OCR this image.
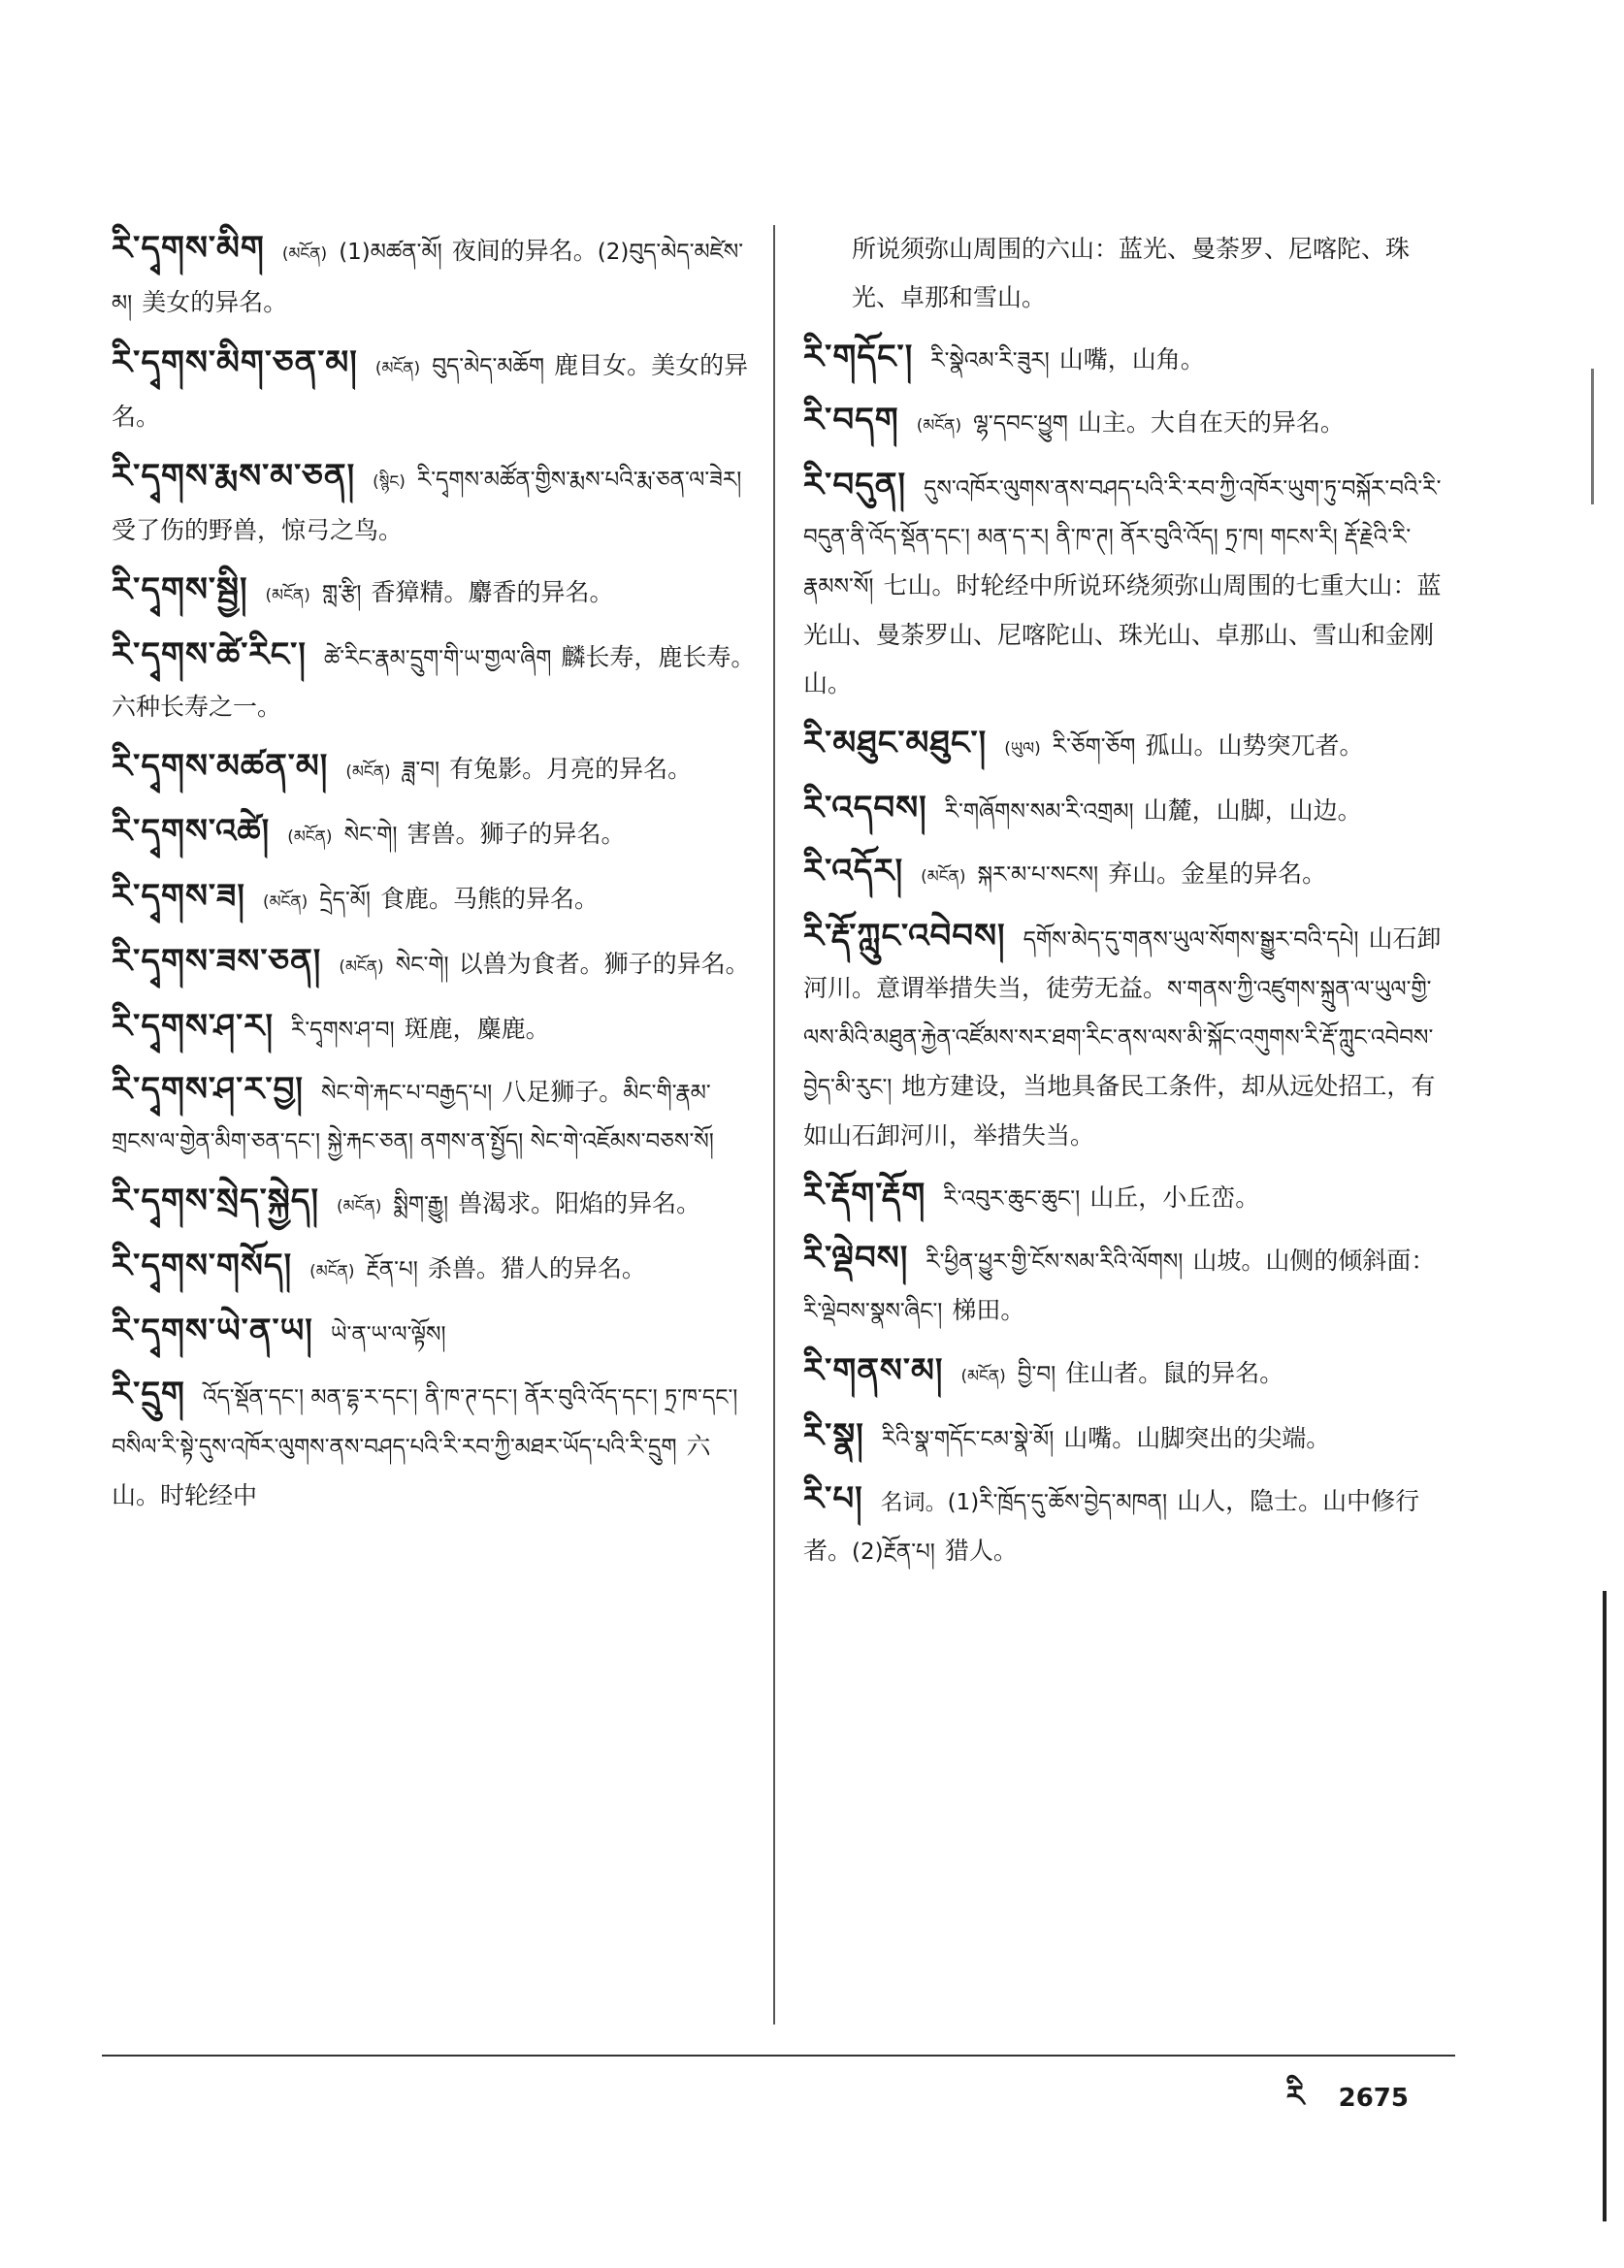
རི་དྭགས་མིག (མངོན) (1)མཚན་མོ། 夜间的异名。(2)བུད་མེད་མཛེས་མ། 美女的异名。

རི་དྭགས་མིག་ཅན་མ། (མངོན) བུད་མེད་མཆོག 鹿目女。美女的异名。

རི་དྭགས་རྨས་མ་ཅན། (སྙིང) རི་དྭགས་མཚོན་གྱིས་རྨས་པའི་རྨ་ཅན་ལ་ཟེར།受了伤的野兽，惊弓之鸟。

རི་དྭགས་སྦྱི། (མངོན) གླ་རྩི། 香獐精。麝香的异名。

རི་དྭགས་ཚེ་རིང་། ཚེ་རིང་རྣམ་དྲུག་གི་ཡ་གྱལ་ཞིག 麟长寿，鹿长寿。六种长寿之一。

རི་དྭགས་མཚན་མ། (མངོན) ཟླ་བ། 有兔影。月亮的异名。

རི་དྭགས་འཚེ། (མངོན) སེང་གེ། 害兽。狮子的异名。

རི་དྭགས་ཟ། (མངོན) དྲེད་མོ། 食鹿。马熊的异名。

རི་དྭགས་ཟས་ཅན། (མངོན) སེང་གེ། 以兽为食者。狮子的异名。

རི་དྭགས་ཤ་ར། རི་དྭགས་ཤ་བ། 斑鹿，麋鹿。

རི་དྭགས་ཤ་ར་བྱ། སེང་གེ་རྐང་པ་བརྒྱད་པ། 八足狮子。མིང་གི་རྣམ་གྲངས་ལ་གྱེན་མིག་ཅན་དང་། སྐྱེ་རྐང་ཅན། ནགས་ན་སྤྱོད། སེང་གེ་འཇོམས་བཅས་སོ།

རི་དྭགས་སྲེད་སྐྱེད། (མངོན) སྨིག་རྒྱུ། 兽渴求。阳焰的异名。

རི་དྭགས་གསོད། (མངོན) རྔོན་པ། 杀兽。猎人的异名。

རི་དྭགས་ཡེ་ན་ཡ། ཡེ་ན་ཡ་ལ་ལྟོས།

རི་དྲུག འོད་སྡོན་དང་། མན་དྷ་ར་དང་། ནི་ཁ་ཊ་དང་། ནོར་བུའི་འོད་དང་། ཏྲ་ཁ་དང་།བསིལ་རི་སྟེ་དུས་འཁོར་ལུགས་ནས་བཤད་པའི་རི་རབ་ཀྱི་མཐར་ཡོད་པའི་རི་དྲུག 六山。时轮经中

所说须弥山周围的六山：蓝光、曼荼罗、尼喀陀、珠光、卓那和雪山。

རི་གདོང་། རི་སྣེའམ་རི་ཟུར། 山嘴，山角。

རི་བདག (མངོན) ལྷ་དབང་ཕྱུག 山主。大自在天的异名。

རི་བདུན། དུས་འཁོར་ལུགས་ནས་བཤད་པའི་རི་རབ་ཀྱི་འཁོར་ཡུག་ཏུ་བསྐོར་བའི་རི་བདུན་ནི་འོད་སྡོན་དང་། མན་ད་ར། ནི་ཁ་ཊ། ནོར་བུའི་འོད། ཏྲ་ཁ། གངས་རི། རྡོ་རྗེའི་རི་རྣམས་སོ། 七山。时轮经中所说环绕须弥山周围的七重大山：蓝光山、曼荼罗山、尼喀陀山、珠光山、卓那山、雪山和金刚山。

རི་མཐུང་མཐུང་། (ཡུལ) རི་ཅོག་ཅོག 孤山。山势突兀者。

རི་འདབས། རི་གཞོགས་སམ་རི་འགྲམ། 山麓，山脚，山边。

རི་འདོར། (མངོན) སྐར་མ་པ་སངས། 弃山。金星的异名。

རི་རྡོ་ཀླུང་འབེབས། དགོས་མེད་དུ་གནས་ཡུལ་སོགས་སྒྱུར་བའི་དཔེ། 山石卸河川。意谓举措失当，徒劳无益。ས་གནས་ཀྱི་འཛུགས་སྐྲུན་ལ་ཡུལ་གྱི་ལས་མིའི་མཐུན་རྐྱེན་འཛོམས་སར་ཐག་རིང་ནས་ལས་མི་སྐོང་འགུགས་རི་རྡོ་ཀླུང་འབེབས་བྱེད་མི་རུང་། 地方建设，当地具备民工条件，却从远处招工，有如山石卸河川，举措失当。

རི་རྡོག་རྡོག རི་འབུར་ཆུང་ཆུང་། 山丘，小丘峦。

རི་ལྡེབས། རི་ཕྱིན་ཕྱུར་གྱི་ངོས་སམ་རིའི་ལོགས། 山坡。山侧的倾斜面：རི་ལྡེབས་སྣས་ཞིང་། 梯田。

རི་གནས་མ། (མངོན) བྱི་བ། 住山者。鼠的异名。

རི་སྣ། རིའི་སྣ་གདོང་ངམ་སྣེ་མོ། 山嘴。山脚突出的尖端。

རི་པ། 名词。(1)རི་ཁྲོད་དུ་ཆོས་བྱེད་མཁན། 山人，隐士。山中修行者。(2)རྔོན་པ། 猎人。

རི 2675
